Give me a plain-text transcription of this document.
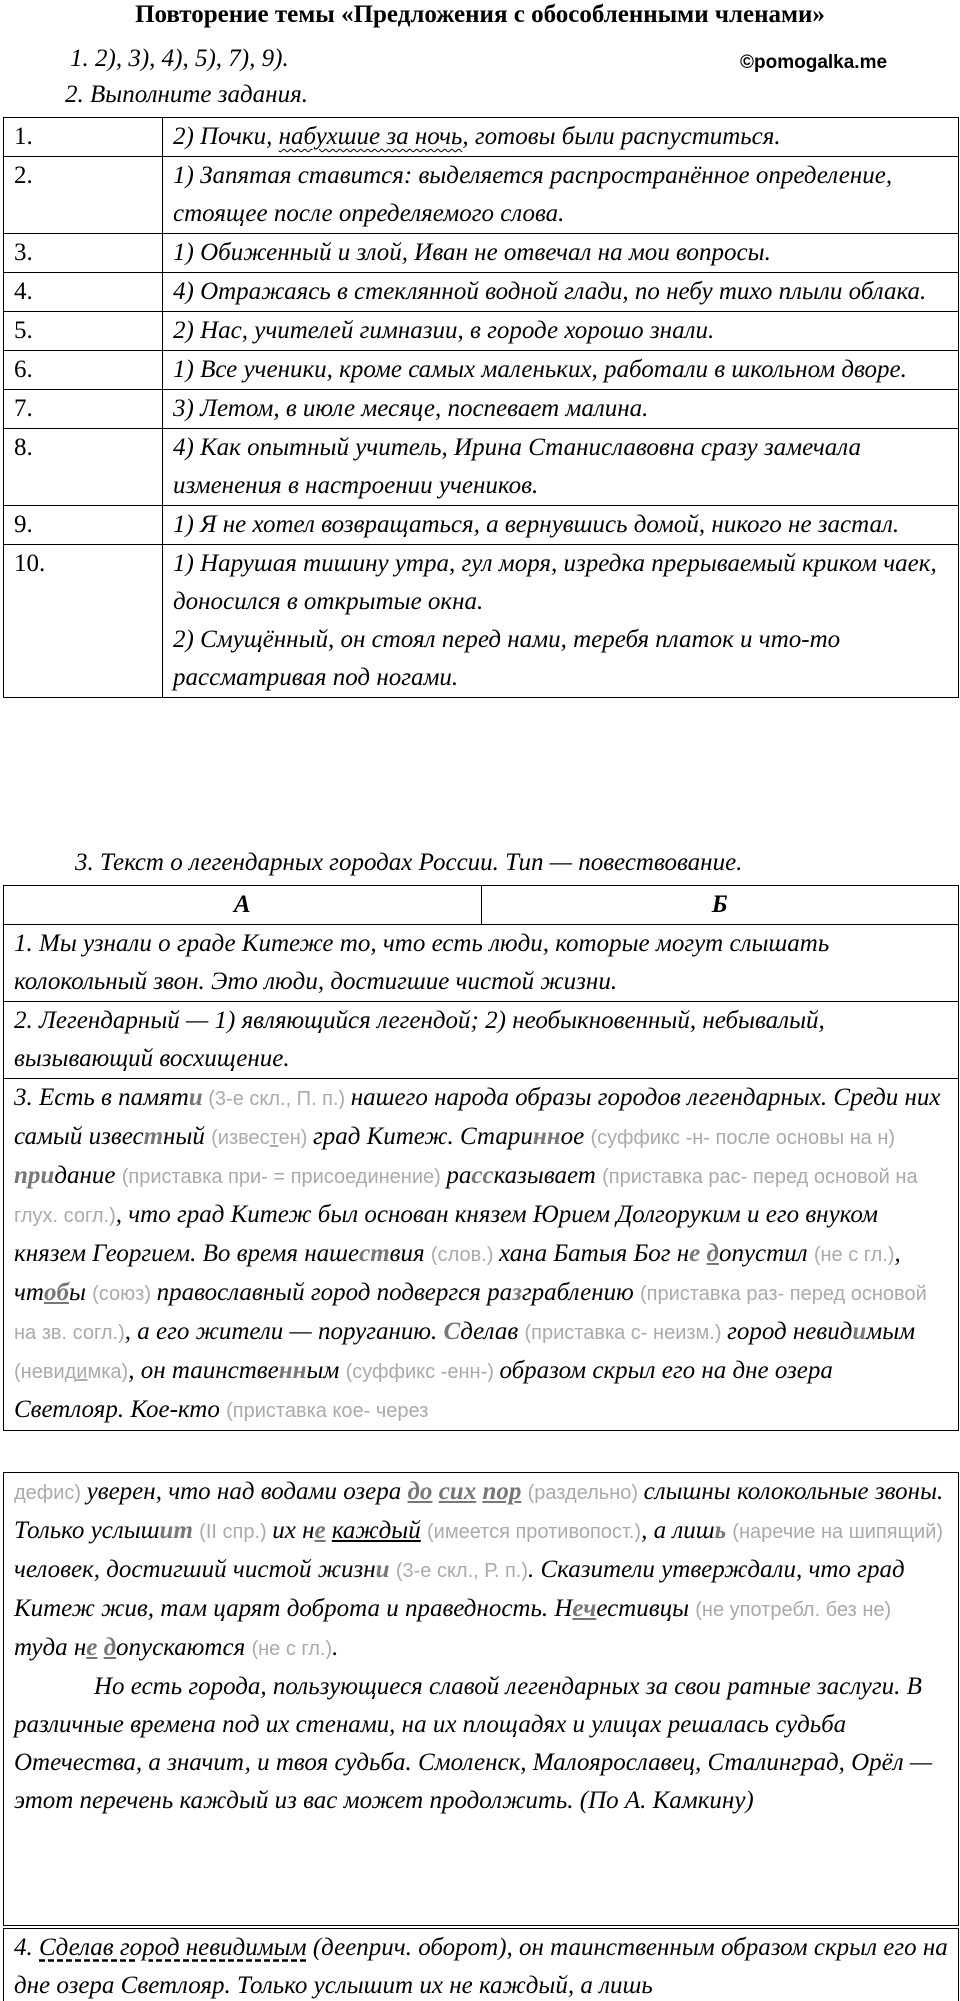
Повторение темы «Предложения с обособленными членами»
1. 2), 3), 4), 5), 7), 9).	©pomogalka.me
2. Выполните задания.
1.	2) Почки, набухшие за ночь, готовы были распуститься.
2.	1) Запятая ставится: выделяется распространённое определение, стоящее после определяемого слова.
3.	1) Обиженный и злой, Иван не отвечал на мои вопросы.
4.	4) Отражаясь в стеклянной водной глади, по небу тихо плыли облака.
5.	2) Нас, учителей гимназии, в городе хорошо знали.
6.	1) Все ученики, кроме самых маленьких, работали в школьном дворе.
7.	3) Летом, в июле месяце, поспевает малина.
8.	4) Как опытный учитель, Ирина Станиславовна сразу замечала изменения в настроении учеников.
9.	1) Я не хотел возвращаться, а вернувшись домой, никого не застал.
10.	1) Нарушая тишину утра, гул моря, изредка прерываемый криком чаек, доносился в открытые окна.
2) Смущённый, он стоял перед нами, теребя платок и что-то рассматривая под ногами.
3. Текст о легендарных городах России. Тип — повествование.
А	Б
1. Мы узнали о граде Китеже то, что есть люди, которые могут слышать колокольный звон. Это люди, достигшие чистой жизни.
2. Легендарный — 1) являющийся легендой; 2) необыкновенный, небывалый, вызывающий восхищение.
3. Есть в памяти (3-е скл., П. п.) нашего народа образы городов легендарных. Среди них самый известный (известен) град Китеж. Старинное (суффикс -н- после основы на н) придание (приставка при- = присоединение) рассказывает (приставка рас- перед основой на глух. согл.), что град Китеж был основан князем Юрием Долгоруким и его внуком князем Георгием. Во время нашествия (слов.) хана Батыя Бог не допустил (не с гл.), чтобы (союз) православный город подвергся разграблению (приставка раз- перед основой на зв. согл.), а его жители — поруганию. Сделав (приставка с- неизм.) город невидимым (невидимка), он таинственным (суффикс -енн-) образом скрыл его на дне озера Светлояр. Кое-кто (приставка кое- через
дефис) уверен, что над водами озера до сих пор (раздельно) слышны колокольные звоны. Только услышит (II спр.) их не каждый (имеется противопост.), а лишь (наречие на шипящий) человек, достигший чистой жизни (3-е скл., Р. п.). Сказители утверждали, что град Китеж жив, там царят доброта и праведность. Нечестивцы (не употребл. без не) туда не допускаются (не с гл.).
Но есть города, пользующиеся славой легендарных за свои ратные заслуги. В различные времена под их стенами, на их площадях и улицах решалась судьба Отечества, а значит, и твоя судьба. Смоленск, Малоярославец, Сталинград, Орёл — этот перечень каждый из вас может продолжить. (По А. Камкину)
4. Сделав город невидимым (дееприч. оборот), он таинственным образом скрыл его на дне озера Светлояр. Только услышит их не каждый, а лишь
